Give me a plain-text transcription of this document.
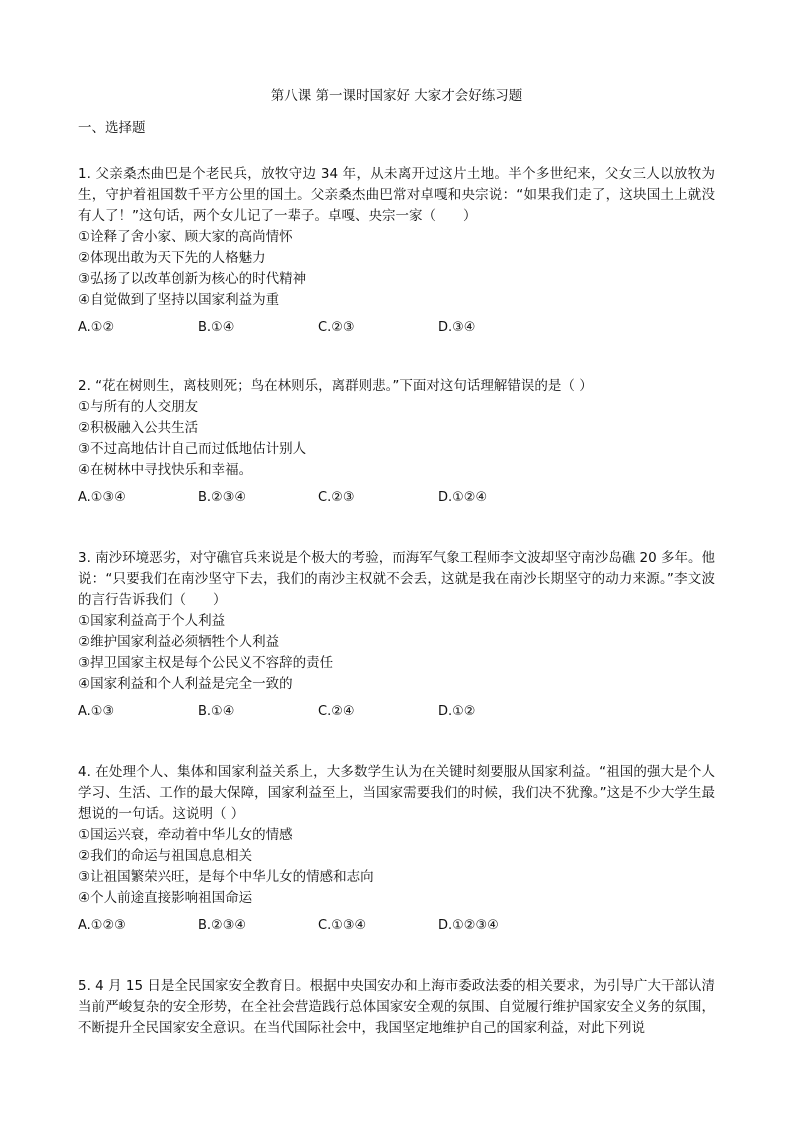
第八课 第一课时国家好 大家才会好练习题
一、选择题

1. 父亲桑杰曲巴是个老民兵，放牧守边 34 年，从未离开过这片土地。半个多世纪来，父女三人以放牧为生，守护着祖国数千平方公里的国土。父亲桑杰曲巴常对卓嘎和央宗说：“如果我们走了，这块国土上就没有人了！”这句话，两个女儿记了一辈子。卓嘎、央宗一家（　　）

①诠释了舍小家、顾大家的高尚情怀

②体现出敢为天下先的人格魅力

③弘扬了以改革创新为核心的时代精神

④自觉做到了坚持以国家利益为重

A.①②	B.①④	C.②③	D.③④

2. “花在树则生，离枝则死；鸟在林则乐，离群则悲。”下面对这句话理解错误的是（ ）

①与所有的人交朋友

②积极融入公共生活

③不过高地估计自己而过低地估计别人

④在树林中寻找快乐和幸福。

A.①③④	B.②③④	C.②③	D.①②④

3. 南沙环境恶劣，对守礁官兵来说是个极大的考验，而海军气象工程师李文波却坚守南沙岛礁 20 多年。他说：“只要我们在南沙坚守下去，我们的南沙主权就不会丢，这就是我在南沙长期坚守的动力来源。”李文波的言行告诉我们（　　）

①国家利益高于个人利益

②维护国家利益必须牺牲个人利益

③捍卫国家主权是每个公民义不容辞的责任

④国家利益和个人利益是完全一致的

A.①③	B.①④	C.②④	D.①②

4. 在处理个人、集体和国家利益关系上，大多数学生认为在关键时刻要服从国家利益。“祖国的强大是个人学习、生活、工作的最大保障，国家利益至上，当国家需要我们的时候，我们决不犹豫。”这是不少大学生最想说的一句话。这说明（ ）

①国运兴衰，牵动着中华儿女的情感

②我们的命运与祖国息息相关

③让祖国繁荣兴旺，是每个中华儿女的情感和志向

④个人前途直接影响祖国命运

A.①②③	B.②③④	C.①③④	D.①②③④

5. 4 月 15 日是全民国家安全教育日。根据中央国安办和上海市委政法委的相关要求，为引导广大干部认清当前严峻复杂的安全形势，在全社会营造践行总体国家安全观的氛围、自觉履行维护国家安全义务的氛围，不断提升全民国家安全意识。在当代国际社会中，我国坚定地维护自己的国家利益，对此下列说
